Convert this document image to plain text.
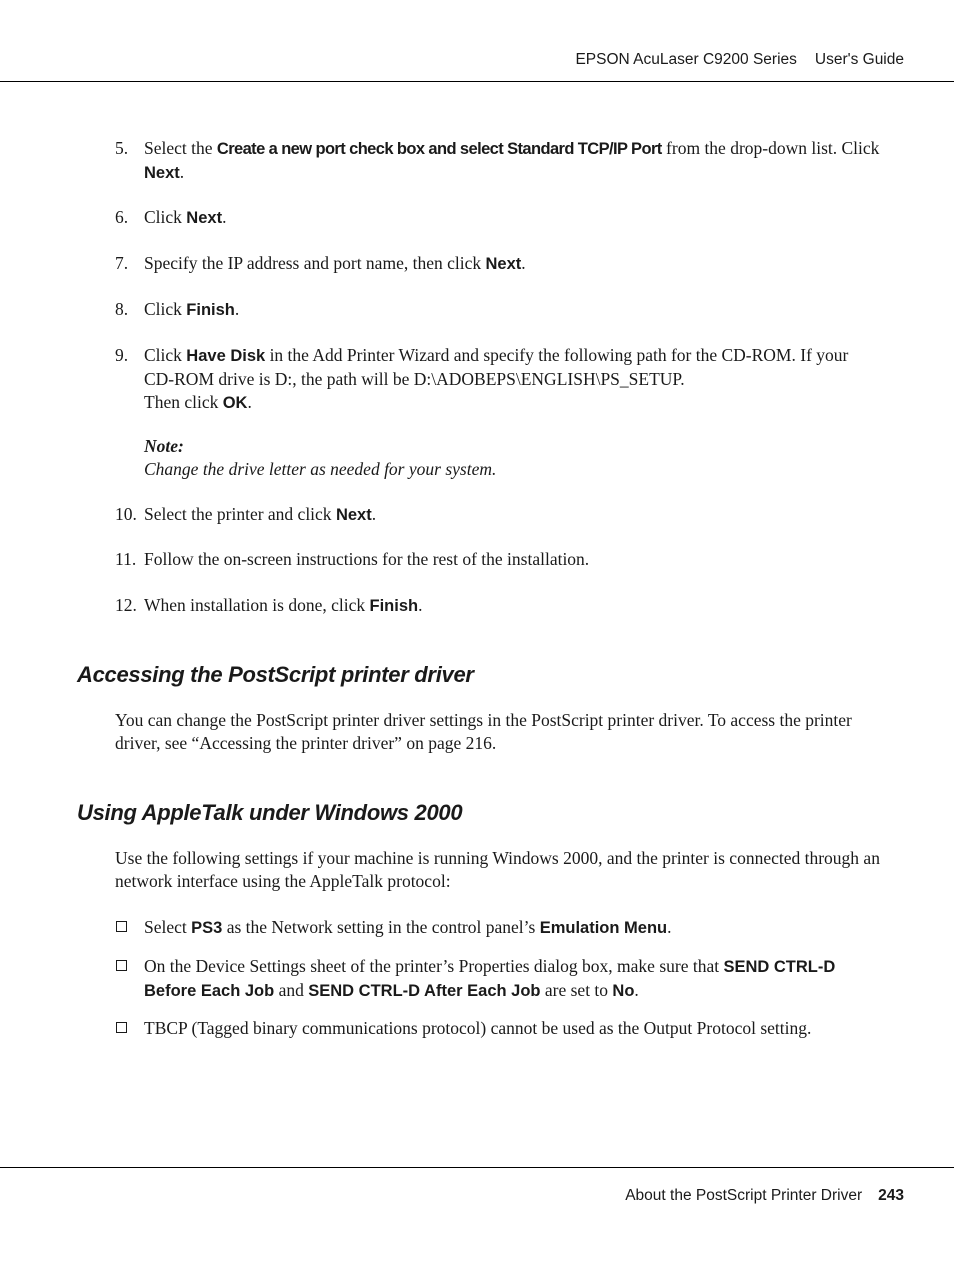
EPSON AcuLaser C9200 Series User's Guide
5. Select the Create a new port check box and select Standard TCP/IP Port from the drop-down list. Click Next.
6. Click Next.
7. Specify the IP address and port name, then click Next.
8. Click Finish.
9. Click Have Disk in the Add Printer Wizard and specify the following path for the CD-ROM. If your CD-ROM drive is D:, the path will be D:\ADOBEPS\ENGLISH\PS_SETUP.
Then click OK.
Note:
Change the drive letter as needed for your system.
10. Select the printer and click Next.
11. Follow the on-screen instructions for the rest of the installation.
12. When installation is done, click Finish.
Accessing the PostScript printer driver
You can change the PostScript printer driver settings in the PostScript printer driver. To access the printer driver, see “Accessing the printer driver” on page 216.
Using AppleTalk under Windows 2000
Use the following settings if your machine is running Windows 2000, and the printer is connected through an network interface using the AppleTalk protocol:
Select PS3 as the Network setting in the control panel’s Emulation Menu.
On the Device Settings sheet of the printer’s Properties dialog box, make sure that SEND CTRL-D Before Each Job and SEND CTRL-D After Each Job are set to No.
TBCP (Tagged binary communications protocol) cannot be used as the Output Protocol setting.
About the PostScript Printer Driver 243
